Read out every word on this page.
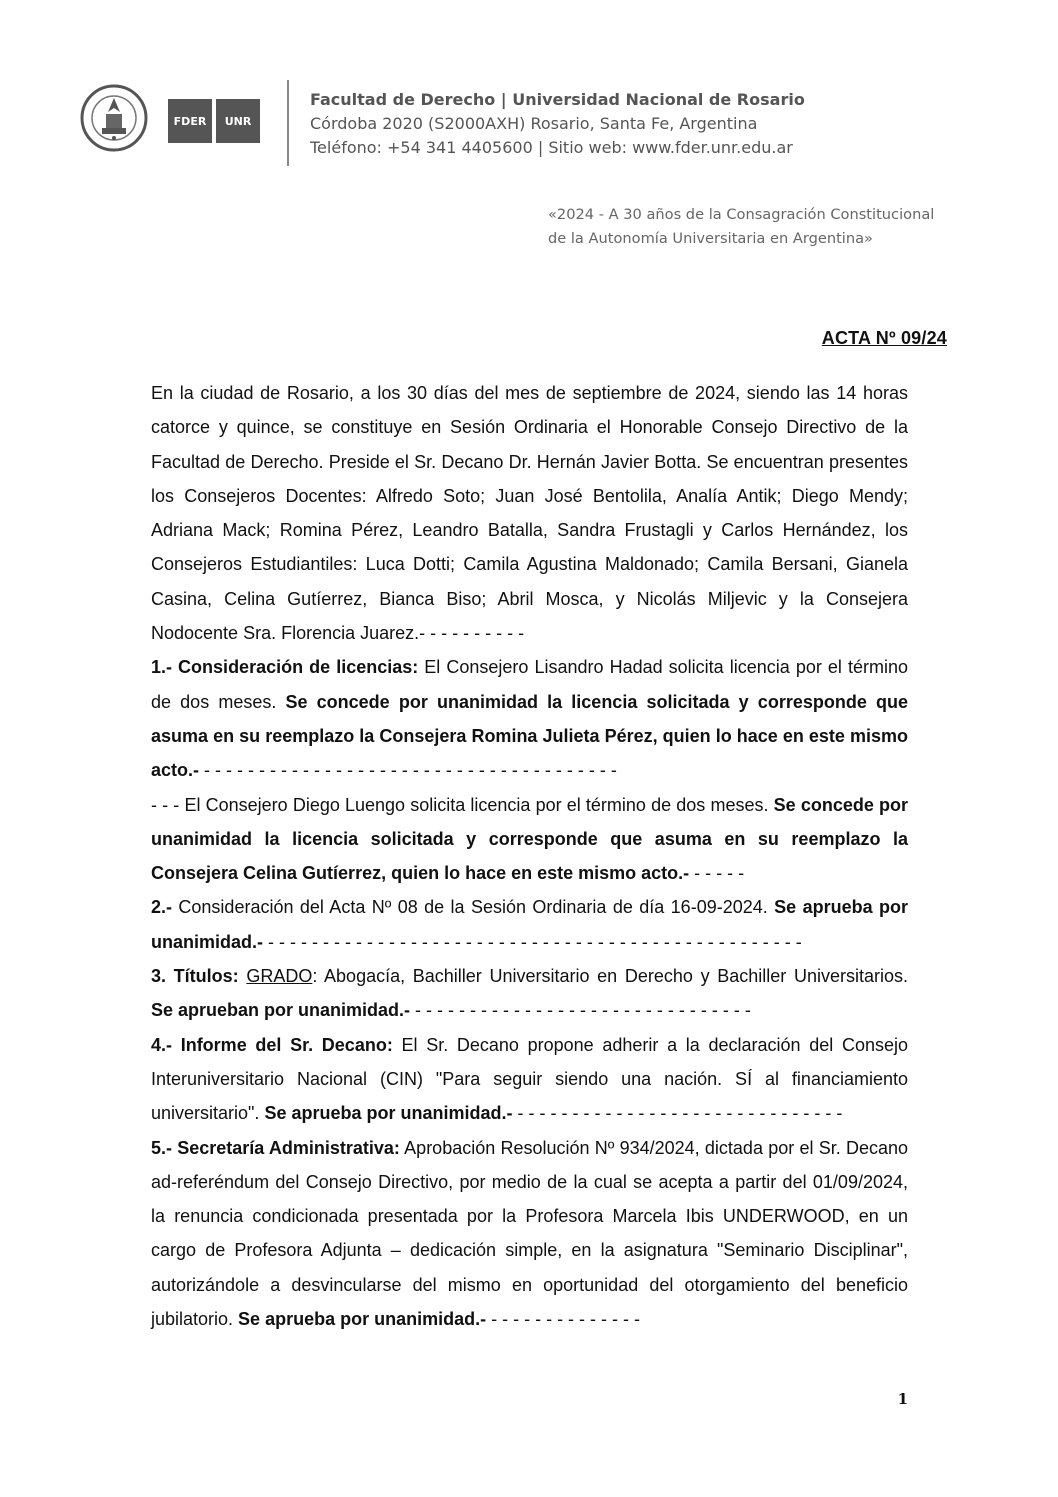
FDER	UNR
Facultad de Derecho | Universidad Nacional de Rosario
Córdoba 2020 (S2000AXH) Rosario, Santa Fe, Argentina
Teléfono: +54 341 4405600 | Sitio web: www.fder.unr.edu.ar
«2024 - A 30 años de la Consagración Constitucional
de la Autonomía Universitaria en Argentina»
ACTA Nº 09/24

En la ciudad de Rosario, a los 30 días del mes de septiembre de 2024, siendo las 14 horas catorce y quince, se constituye en Sesión Ordinaria el Honorable Consejo Directivo de la Facultad de Derecho. Preside el Sr. Decano Dr. Hernán Javier Botta. Se encuentran presentes los Consejeros Docentes: Alfredo Soto; Juan José Bentolila, Analía Antik; Diego Mendy; Adriana Mack; Romina Pérez, Leandro Batalla, Sandra Frustagli y Carlos Hernández, los Consejeros Estudiantiles: Luca Dotti; Camila Agustina Maldonado; Camila Bersani, Gianela Casina, Celina Gutíerrez, Bianca Biso; Abril Mosca, y Nicolás Miljevic y la Consejera Nodocente Sra. Florencia Juarez.- - - - - - - - - -

1.- Consideración de licencias: El Consejero Lisandro Hadad solicita licencia por el término de dos meses. Se concede por unanimidad la licencia solicitada y corresponde que asuma en su reemplazo la Consejera Romina Julieta Pérez, quien lo hace en este mismo acto.- - - - - - - - - - - - - - - - - - - - - - - - - - - - - - - - - - - - - - -

- - - El Consejero Diego Luengo solicita licencia por el término de dos meses. Se concede por unanimidad la licencia solicitada y corresponde que asuma en su reemplazo la Consejera Celina Gutíerrez, quien lo hace en este mismo acto.- - - - - -

2.- Consideración del Acta Nº 08 de la Sesión Ordinaria de día 16-09-2024. Se aprueba por unanimidad.- - - - - - - - - - - - - - - - - - - - - - - - - - - - - - - - - - - - - - - - - - - - - - - - - -

3. Títulos: GRADO: Abogacía, Bachiller Universitario en Derecho y Bachiller Universitarios. Se aprueban por unanimidad.- - - - - - - - - - - - - - - - - - - - - - - - - - - - - - - -

4.- Informe del Sr. Decano: El Sr. Decano propone adherir a la declaración del Consejo Interuniversitario Nacional (CIN) "Para seguir siendo una nación. SÍ al financiamiento universitario". Se aprueba por unanimidad.- - - - - - - - - - - - - - - - - - - - - - - - - - - - - - -

5.- Secretaría Administrativa: Aprobación Resolución Nº 934/2024, dictada por el Sr. Decano ad-referéndum del Consejo Directivo, por medio de la cual se acepta a partir del 01/09/2024, la renuncia condicionada presentada por la Profesora Marcela Ibis UNDERWOOD, en un cargo de Profesora Adjunta – dedicación simple, en la asignatura "Seminario Disciplinar", autorizándole a desvincularse del mismo en oportunidad del otorgamiento del beneficio jubilatorio. Se aprueba por unanimidad.- - - - - - - - - - - - - - -

1
